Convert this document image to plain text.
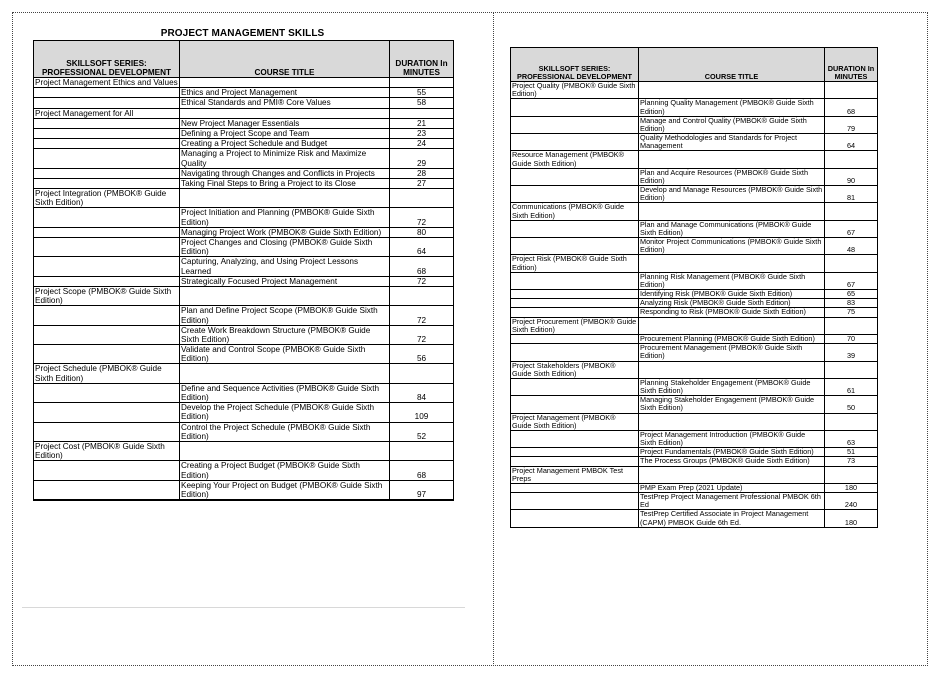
PROJECT MANAGEMENT SKILLS
SKILLSOFT SERIES: PROFESSIONAL DEVELOPMENT	COURSE TITLE	DURATION In MINUTES
Project Management Ethics and Values		
	Ethics and Project Management	55
	Ethical Standards and PMI® Core Values	58
Project Management for All		
	New Project Manager Essentials	21
	Defining a Project Scope and Team	23
	Creating a Project Schedule and Budget	24
	Managing a Project to Minimize Risk and Maximize Quality	29
	Navigating through Changes and Conflicts in Projects	28
	Taking Final Steps to Bring a Project to its Close	27
Project Integration (PMBOK® Guide Sixth Edition)		
	Project Initiation and Planning (PMBOK® Guide Sixth Edition)	72
	Managing Project Work (PMBOK® Guide Sixth Edition)	80
	Project Changes and Closing (PMBOK® Guide Sixth Edition)	64
	Capturing, Analyzing, and Using Project Lessons Learned	68
	Strategically Focused Project Management	72
Project Scope (PMBOK® Guide Sixth Edition)		
	Plan and Define Project Scope (PMBOK® Guide Sixth Edition)	72
	Create Work Breakdown Structure (PMBOK® Guide Sixth Edition)	72
	Validate and Control Scope (PMBOK® Guide Sixth Edition)	56
Project Schedule (PMBOK® Guide Sixth Edition)		
	Define and Sequence Activities (PMBOK® Guide Sixth Edition)	84
	Develop the Project Schedule (PMBOK® Guide Sixth Edition)	109
	Control the Project Schedule (PMBOK® Guide Sixth Edition)	52
Project Cost (PMBOK® Guide Sixth Edition)		
	Creating a Project Budget (PMBOK® Guide Sixth Edition)	68
	Keeping Your Project on Budget (PMBOK® Guide Sixth Edition)	97
SKILLSOFT SERIES: PROFESSIONAL DEVELOPMENT	COURSE TITLE	DURATION In MINUTES
Project Quality (PMBOK® Guide Sixth Edition)		
	Planning Quality Management (PMBOK® Guide Sixth Edition)	68
	Manage and Control Quality (PMBOK® Guide Sixth Edition)	79
	Quality Methodologies and Standards for Project Management	64
Resource Management (PMBOK® Guide Sixth Edition)		
	Plan and Acquire Resources (PMBOK® Guide Sixth Edition)	90
	Develop and Manage Resources (PMBOK® Guide Sixth Edition)	81
Communications (PMBOK® Guide Sixth Edition)		
	Plan and Manage Communications (PMBOK® Guide Sixth Edition)	67
	Monitor Project Communications (PMBOK® Guide Sixth Edition)	48
Project Risk (PMBOK® Guide Sixth Edition)		
	Planning Risk Management (PMBOK® Guide Sixth Edition)	67
	Identifying Risk (PMBOK® Guide Sixth Edition)	65
	Analyzing Risk (PMBOK® Guide Sixth Edition)	83
	Responding to Risk (PMBOK® Guide Sixth Edition)	75
Project Procurement (PMBOK® Guide Sixth Edition)		
	Procurement Planning (PMBOK® Guide Sixth Edition)	70
	Procurement Management (PMBOK® Guide Sixth Edition)	39
Project Stakeholders (PMBOK® Guide Sixth Edition)		
	Planning Stakeholder Engagement (PMBOK® Guide Sixth Edition)	61
	Managing Stakeholder Engagement (PMBOK® Guide Sixth Edition)	50
Project Management (PMBOK® Guide Sixth Edition)		
	Project Management Introduction (PMBOK® Guide Sixth Edition)	63
	Project Fundamentals (PMBOK® Guide Sixth Edition)	51
	The Process Groups (PMBOK® Guide Sixth Edition)	73
Project Management PMBOK Test Preps		
	PMP Exam Prep (2021 Update)	180
	TestPrep Project Management Professional PMBOK 6th Ed	240
	TestPrep Certified Associate in Project Management (CAPM) PMBOK Guide 6th Ed.	180
